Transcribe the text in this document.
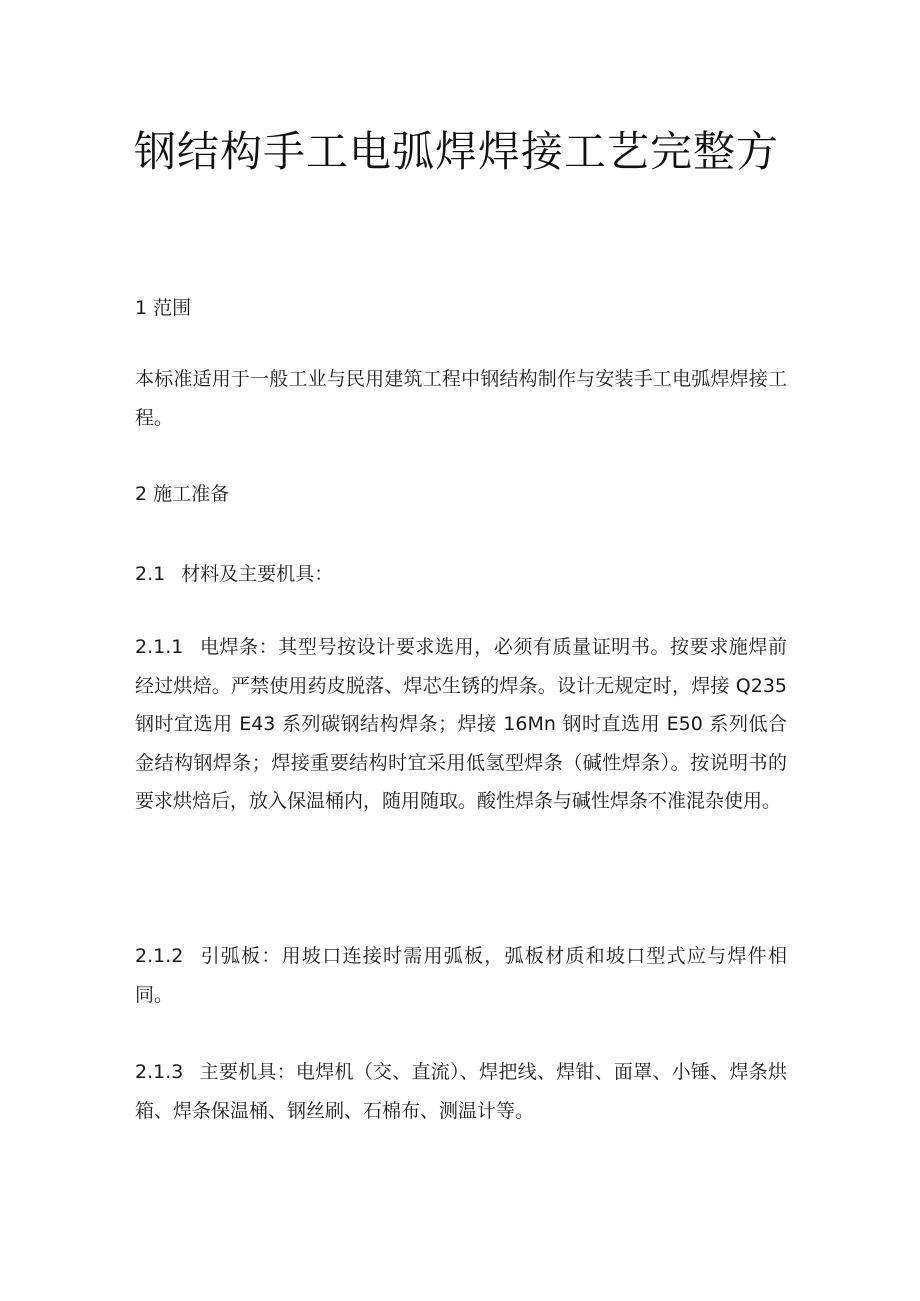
钢结构手工电弧焊焊接工艺完整方
1 范围
本标准适用于一般工业与民用建筑工程中钢结构制作与安装手工电弧焊焊接工程。
2 施工准备
2.1 材料及主要机具：
2.1.1 电焊条：其型号按设计要求选用，必须有质量证明书。按要求施焊前经过烘焙。严禁使用药皮脱落、焊芯生锈的焊条。设计无规定时，焊接 Q235 钢时宜选用 E43 系列碳钢结构焊条；焊接 16Mn 钢时直选用 E50 系列低合金结构钢焊条；焊接重要结构时宜采用低氢型焊条（碱性焊条）。按说明书的要求烘焙后，放入保温桶内，随用随取。酸性焊条与碱性焊条不准混杂使用。
2.1.2 引弧板：用坡口连接时需用弧板，弧板材质和坡口型式应与焊件相同。
2.1.3 主要机具：电焊机（交、直流）、焊把线、焊钳、面罩、小锤、焊条烘箱、焊条保温桶、钢丝刷、石棉布、测温计等。
